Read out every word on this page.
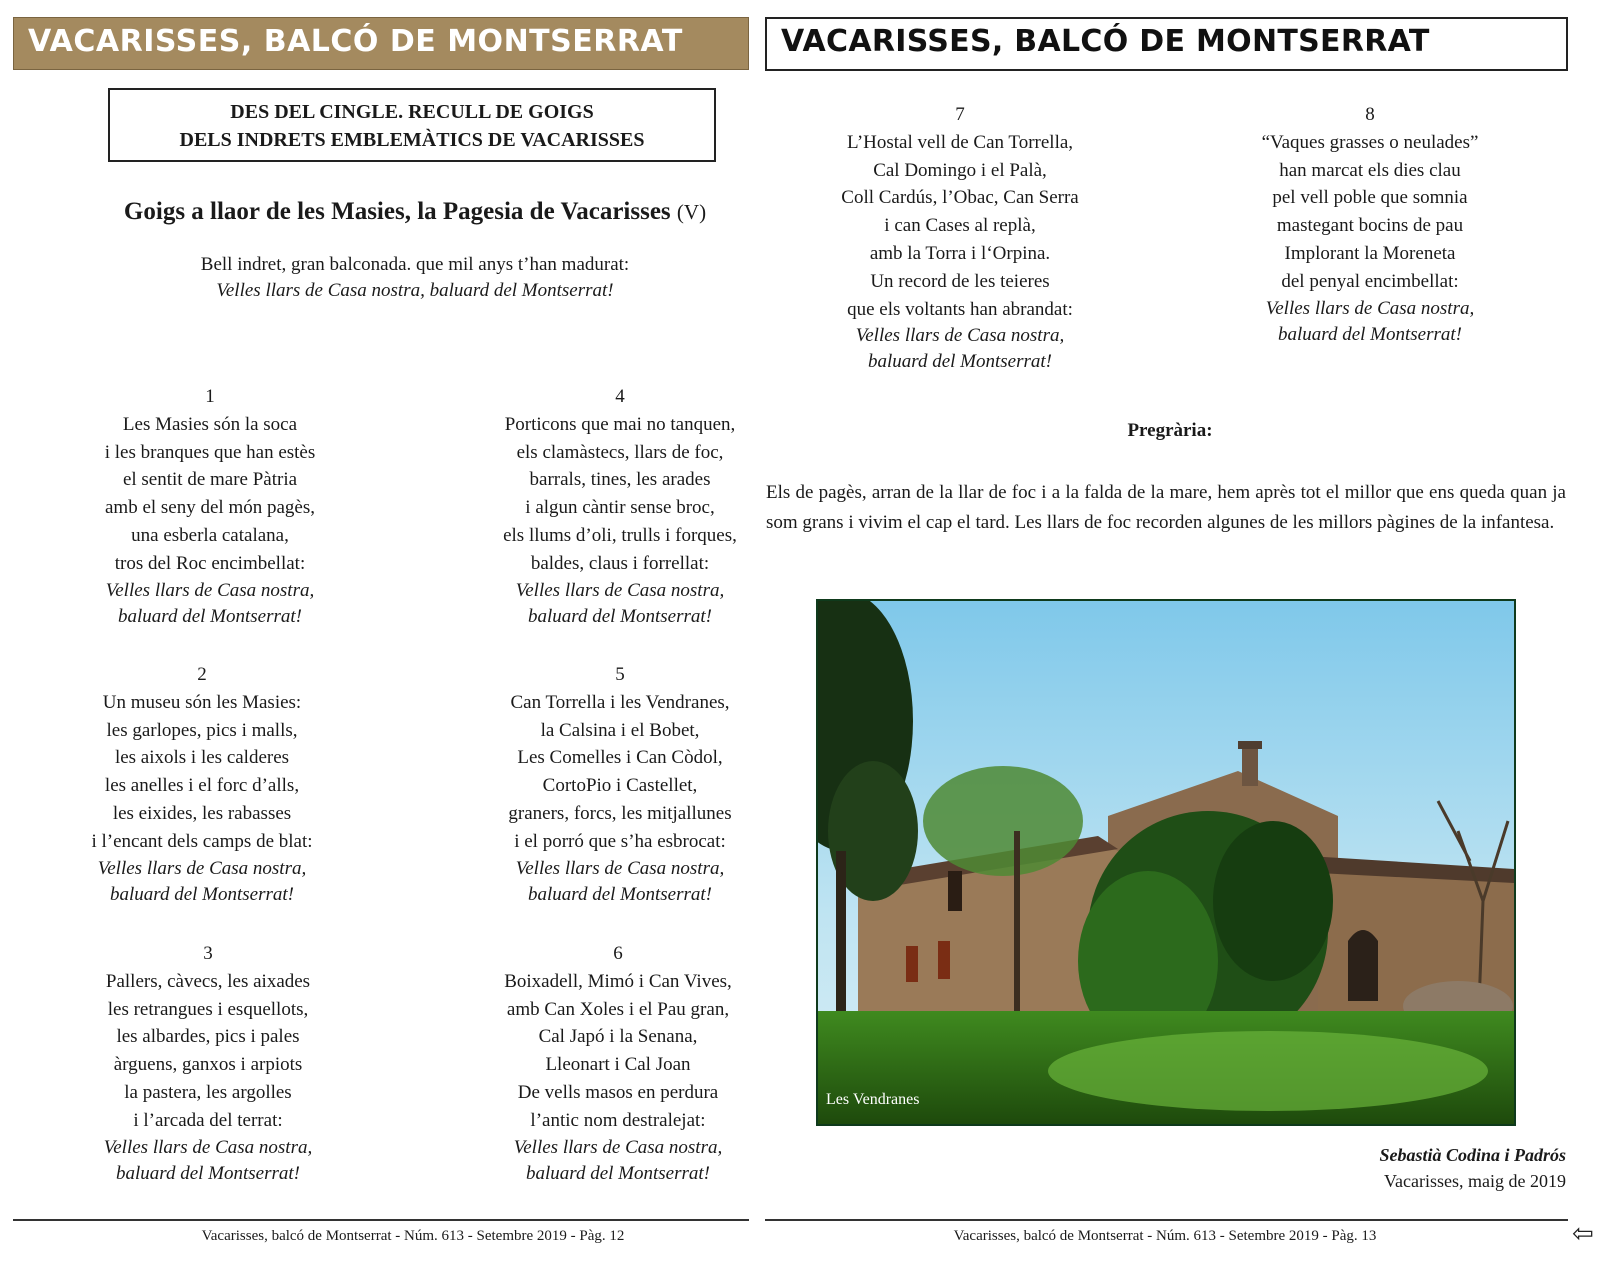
VACARISSES, BALCÓ DE MONTSERRAT
DES DEL CINGLE. RECULL DE GOIGS
DELS INDRETS EMBLEMÀTICS DE VACARISSES
Goigs a llaor de les Masies, la Pagesia de Vacarisses (V)
Bell indret, gran balconada. que mil anys t’han madurat:
Velles llars de Casa nostra, baluard del Montserrat!
1
Les Masies són la soca
i les branques que han estès
el sentit de mare Pàtria
amb el seny del món pagès,
una esberla catalana,
tros del Roc encimbellat:
Velles llars de Casa nostra,
baluard del Montserrat!
2
Un museu són les Masies:
les garlopes, pics i malls,
les aixols i les calderes
les anelles i el forc d’alls,
les eixides, les rabasses
i l’encant dels camps de blat:
Velles llars de Casa nostra,
baluard del Montserrat!
3
Pallers, càvecs, les aixades
les retrangues i esquellots,
les albardes, pics i pales
àrguens, ganxos i arpiots
la pastera, les argolles
i l’arcada del terrat:
Velles llars de Casa nostra,
baluard del Montserrat!
4
Porticons que mai no tanquen,
els clamàstecs, llars de foc,
barrals, tines, les arades
i algun càntir sense broc,
els llums d’oli, trulls i forques,
baldes, claus i forrellat:
Velles llars de Casa nostra,
baluard del Montserrat!
5
Can Torrella i les Vendranes,
la Calsina i el Bobet,
Les Comelles i Can Còdol,
CortoPio i Castellet,
graners, forcs, les mitjallunes
i el porró que s’ha esbrocat:
Velles llars de Casa nostra,
baluard del Montserrat!
6
Boixadell, Mimó i Can Vives,
amb Can Xoles i el Pau gran,
Cal Japó i la Senana,
Lleonart i Cal Joan
De vells masos en perdura
l’antic nom destralejat:
Velles llars de Casa nostra,
baluard del Montserrat!
Vacarisses, balcó de Montserrat - Núm. 613 - Setembre 2019 - Pàg. 12
VACARISSES, BALCÓ DE MONTSERRAT
7
L’Hostal vell de Can Torrella,
Cal Domingo i el Palà,
Coll Cardús, l’Obac, Can Serra
i can Cases al replà,
amb la Torra i l‘Orpina.
Un record de les teieres
que els voltants han abrandat:
Velles llars de Casa nostra,
baluard del Montserrat!
8
“Vaques grasses o neulades”
han marcat els dies clau
pel vell poble que somnia
mastegant bocins de pau
Implorant la Moreneta
del penyal encimbellat:
Velles llars de Casa nostra,
baluard del Montserrat!
Pregrària:
Els de pagès, arran de la llar de foc i a la falda de la mare, hem après tot el millor que ens queda quan ja som grans i vivim el cap el tard. Les llars de foc recorden algunes de les millors pàgines de la infantesa.
Les Vendranes
Sebastià Codina i Padrós
Vacarisses, maig de 2019
Vacarisses, balcó de Montserrat - Núm. 613 - Setembre 2019 - Pàg. 13	⇦
